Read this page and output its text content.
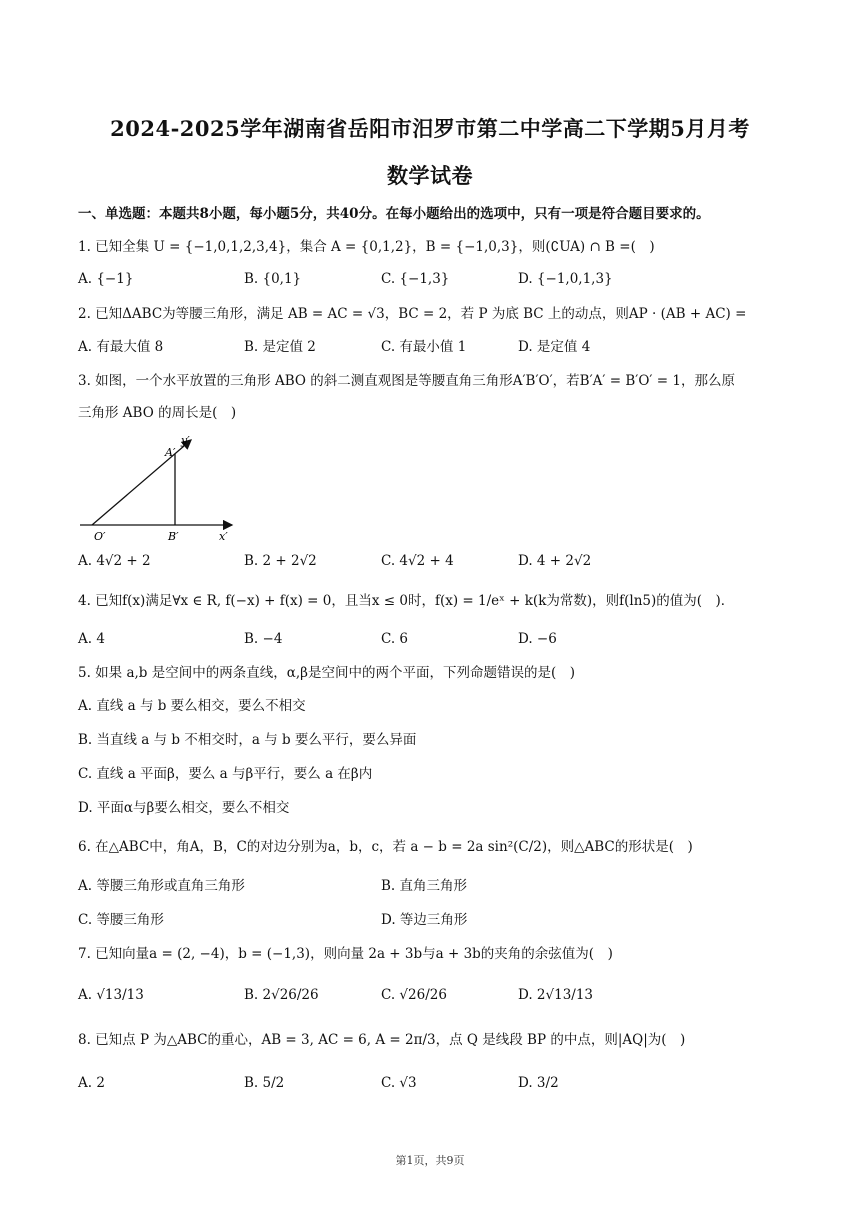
2024-2025学年湖南省岳阳市汨罗市第二中学高二下学期5月月考
数学试卷
一、单选题：本题共8小题，每小题5分，共40分。在每小题给出的选项中，只有一项是符合题目要求的。
1. 已知全集 U = {−1,0,1,2,3,4}，集合 A = {0,1,2}，B = {−1,0,3}，则(∁UA) ∩ B =(　)
A. {−1}	B. {0,1}	C. {−1,3}	D. {−1,0,1,3}
2. 已知ΔABC为等腰三角形，满足 AB = AC = √3，BC = 2，若 P 为底 BC 上的动点，则AP · (AB + AC) =
A. 有最大值 8	B. 是定值 2	C. 有最小值 1	D. 是定值 4
3. 如图，一个水平放置的三角形 ABO 的斜二测直观图是等腰直角三角形A′B′O′，若B′A′ = B′O′ = 1，那么原
三角形 ABO 的周长是(　)
y′
A′
O′	B′	x′
A. 4√2 + 2	B. 2 + 2√2	C. 4√2 + 4	D. 4 + 2√2
4. 已知f(x)满足∀x ∈ R, f(−x) + f(x) = 0，且当x ≤ 0时，f(x) = 1/eˣ + k(k为常数)，则f(ln5)的值为(　)．
A. 4	B. −4	C. 6	D. −6
5. 如果 a,b 是空间中的两条直线，α,β是空间中的两个平面，下列命题错误的是(　)
A. 直线 a 与 b 要么相交，要么不相交
B. 当直线 a 与 b 不相交时，a 与 b 要么平行，要么异面
C. 直线 a 平面β，要么 a 与β平行，要么 a 在β内
D. 平面α与β要么相交，要么不相交
6. 在△ABC中，角A，B，C的对边分别为a，b，c，若 a − b = 2a sin²(C/2)，则△ABC的形状是(　)
A. 等腰三角形或直角三角形	B. 直角三角形
C. 等腰三角形	D. 等边三角形
7. 已知向量a = (2, −4)，b = (−1,3)，则向量 2a + 3b与a + 3b的夹角的余弦值为(　)
A. √13/13	B. 2√26/26	C. √26/26	D. 2√13/13
8. 已知点 P 为△ABC的重心，AB = 3, AC = 6, A = 2π/3，点 Q 是线段 BP 的中点，则|AQ|为(　)
A. 2	B. 5/2	C. √3	D. 3/2
第1页，共9页
